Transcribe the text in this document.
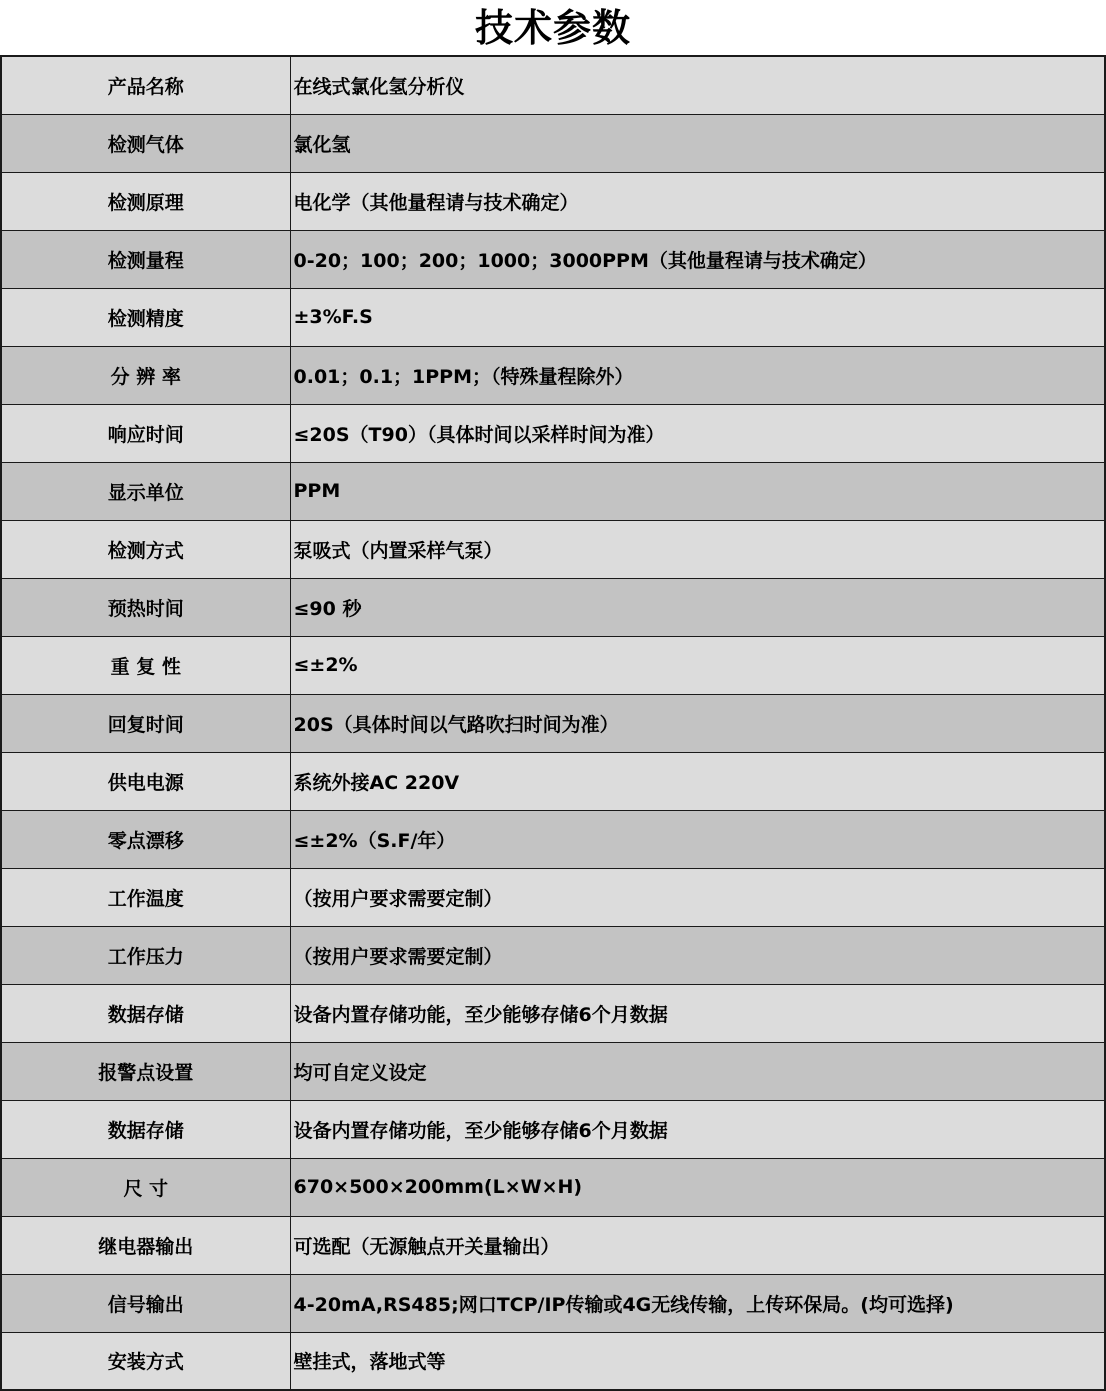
技术参数
产品名称	在线式氯化氢分析仪
检测气体	氯化氢
检测原理	电化学（其他量程请与技术确定）
检测量程	0-20；100；200；1000；3000PPM（其他量程请与技术确定）
检测精度	±3%F.S
分 辨 率	0.01；0.1；1PPM；（特殊量程除外）
响应时间	≤20S（T90）（具体时间以采样时间为准）
显示单位	PPM
检测方式	泵吸式（内置采样气泵）
预热时间	≤90 秒
重 复 性	≤±2%
回复时间	20S（具体时间以气路吹扫时间为准）
供电电源	系统外接AC 220V
零点漂移	≤±2%（S.F/年）
工作温度	（按用户要求需要定制）
工作压力	（按用户要求需要定制）
数据存储	设备内置存储功能，至少能够存储6个月数据
报警点设置	均可自定义设定
数据存储	设备内置存储功能，至少能够存储6个月数据
尺 寸	670×500×200mm(L×W×H)
继电器输出	可选配（无源触点开关量输出）
信号输出	4-20mA,RS485;网口TCP/IP传输或4G无线传输，上传环保局。(均可选择)
安装方式	壁挂式，落地式等
